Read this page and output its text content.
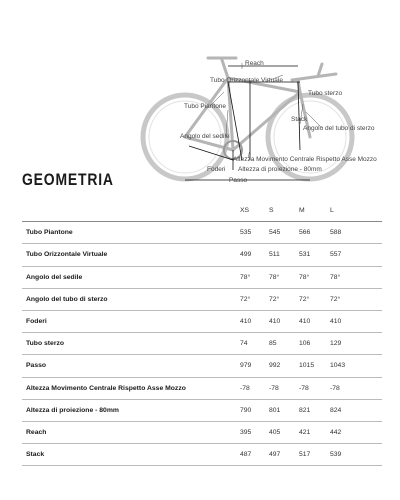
Reach
Tubo Orizzontale Virtuale
Tubo Piantone
Tubo sterzo
Stack
Angolo del sedile
Angolo del tubo di sterzo
Foderi
Altezza Movimento Centrale Rispetto Asse Mozzo
Altezza di proiezione - 80mm
Passo
GEOMETRIA
	XS	S	M	L
Tubo Piantone	535	545	566	588
Tubo Orizzontale Virtuale	499	511	531	557
Angolo del sedile	78°	78°	78°	78°
Angolo del tubo di sterzo	72°	72°	72°	72°
Foderi	410	410	410	410
Tubo sterzo	74	85	106	129
Passo	979	992	1015	1043
Altezza Movimento Centrale Rispetto Asse Mozzo	-78	-78	-78	-78
Altezza di proiezione - 80mm	790	801	821	824
Reach	395	405	421	442
Stack	487	497	517	539
